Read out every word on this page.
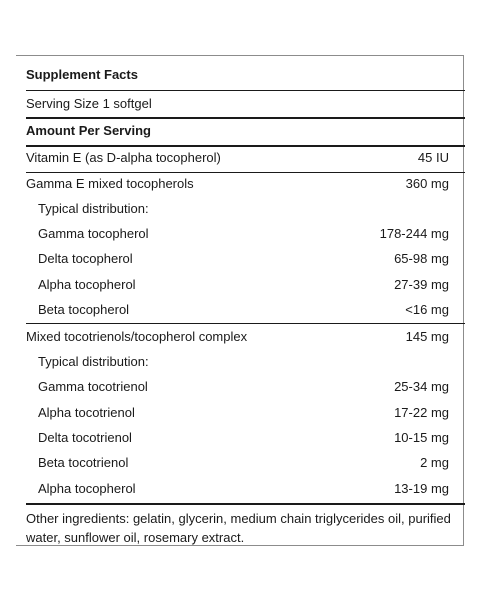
Supplement Facts
Serving Size 1 softgel
Amount Per Serving
Vitamin E (as D-alpha tocopherol)	45 IU
Gamma E mixed tocopherols	360 mg
Typical distribution:
Gamma tocopherol	178-244 mg
Delta tocopherol	65-98 mg
Alpha tocopherol	27-39 mg
Beta tocopherol	<16 mg
Mixed tocotrienols/tocopherol complex	145 mg
Typical distribution:
Gamma tocotrienol	25-34 mg
Alpha tocotrienol	17-22 mg
Delta tocotrienol	10-15 mg
Beta tocotrienol	2 mg
Alpha tocopherol	13-19 mg
Other ingredients: gelatin, glycerin, medium chain triglycerides oil, purified water, sunflower oil, rosemary extract.
